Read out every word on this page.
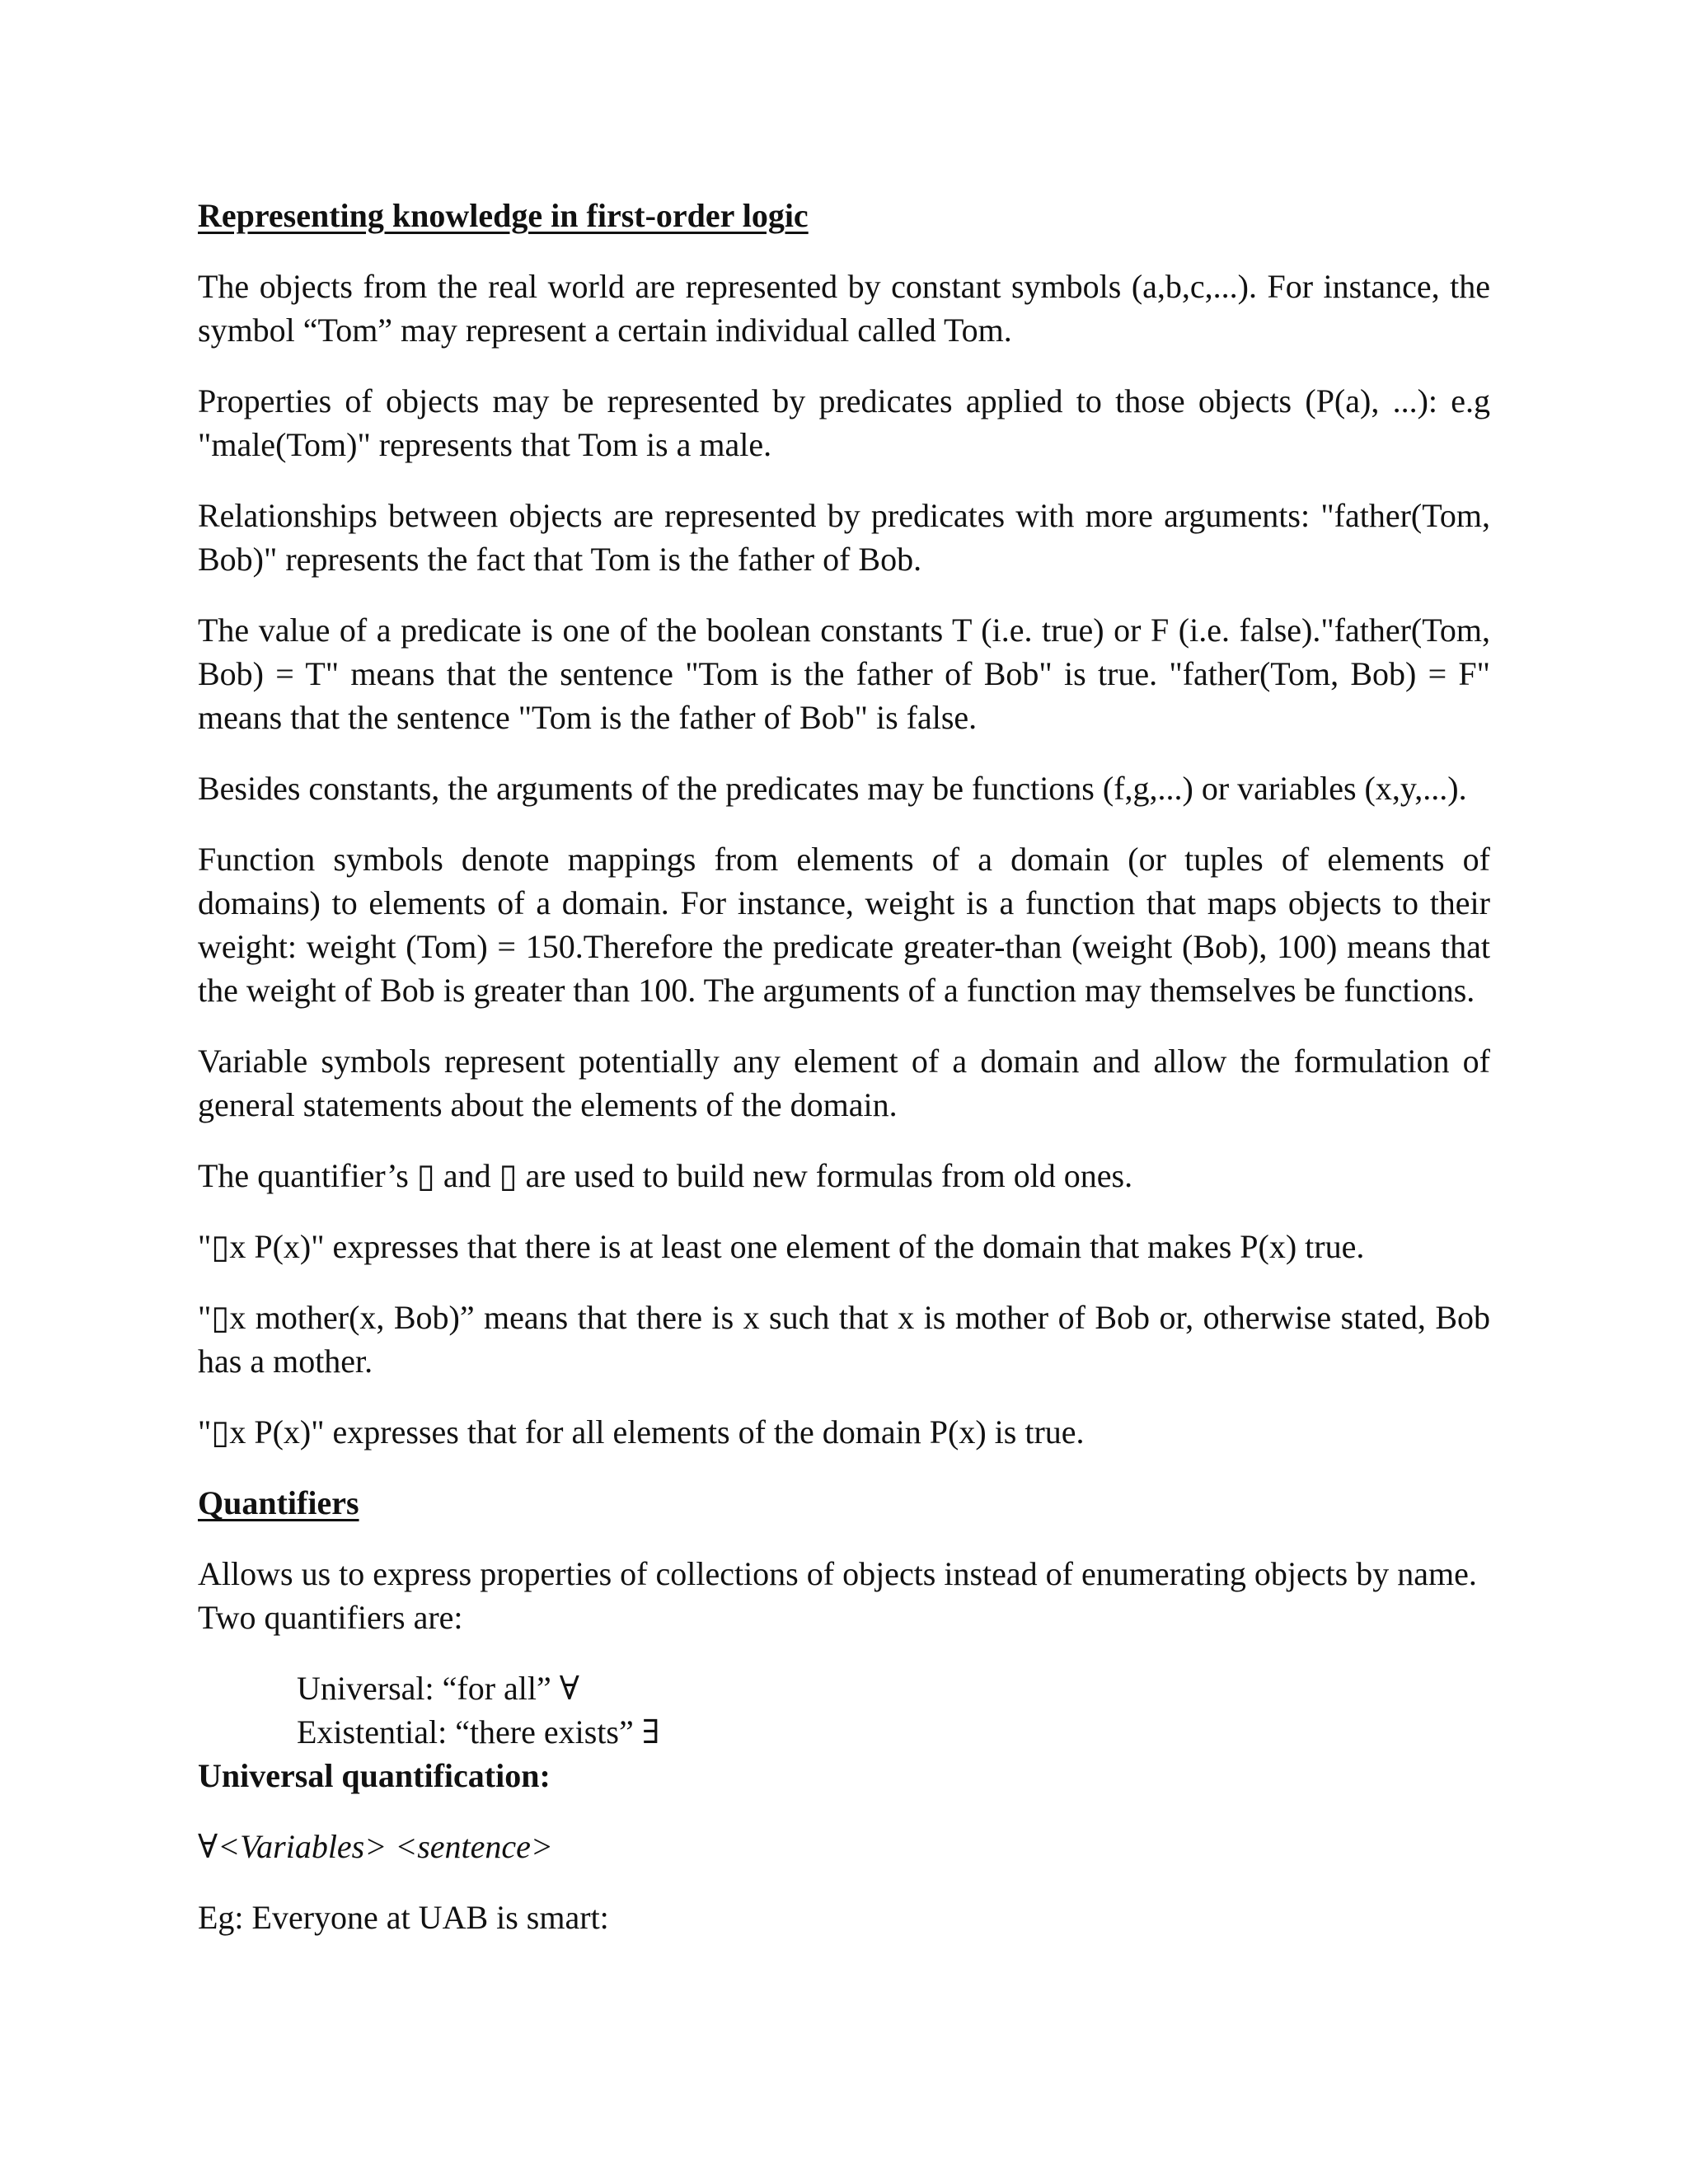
Representing knowledge in first-order logic
The objects from the real world are represented by constant symbols (a,b,c,...). For instance, the symbol “Tom” may represent a certain individual called Tom.
Properties of objects may be represented by predicates applied to those objects (P(a), ...): e.g "male(Tom)" represents that Tom is a male.
Relationships between objects are represented by predicates with more arguments: "father(Tom, Bob)" represents the fact that Tom is the father of Bob.
The value of a predicate is one of the boolean constants T (i.e. true) or F (i.e. false)."father(Tom, Bob) = T" means that the sentence "Tom is the father of Bob" is true. "father(Tom, Bob) = F" means that the sentence "Tom is the father of Bob" is false.
Besides constants, the arguments of the predicates may be functions (f,g,...) or variables (x,y,...).
Function symbols denote mappings from elements of a domain (or tuples of elements of domains) to elements of a domain. For instance, weight is a function that maps objects to their weight: weight (Tom) = 150.Therefore the predicate greater-than (weight (Bob), 100) means that the weight of Bob is greater than 100. The arguments of a function may themselves be functions.
Variable symbols represent potentially any element of a domain and allow the formulation of general statements about the elements of the domain.
The quantifier’s ▯ and ▯ are used to build new formulas from old ones.
"▯x P(x)" expresses that there is at least one element of the domain that makes P(x) true.
"▯x mother(x, Bob)” means that there is x such that x is mother of Bob or, otherwise stated, Bob has a mother.
"▯x P(x)" expresses that for all elements of the domain P(x) is true.
Quantifiers
Allows us to express properties of collections of objects instead of enumerating objects by name. Two quantifiers are:
Universal: “for all” ∀
Existential: “there exists” ∃
Universal quantification:
∀<Variables> <sentence>
Eg: Everyone at UAB is smart:
